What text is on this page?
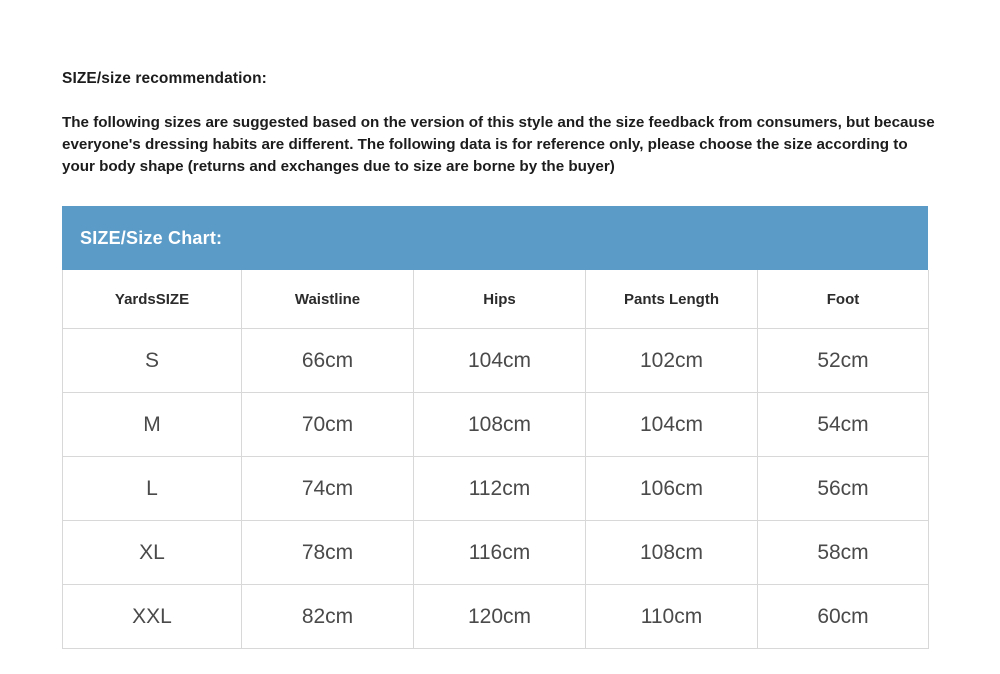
SIZE/size recommendation:
The following sizes are suggested based on the version of this style and the size feedback from consumers, but because everyone's dressing habits are different. The following data is for reference only, please choose the size according to your body shape (returns and exchanges due to size are borne by the buyer)
SIZE/Size Chart:
YardsSIZE	Waistline	Hips	Pants Length	Foot
S	66cm	104cm	102cm	52cm
M	70cm	108cm	104cm	54cm
L	74cm	112cm	106cm	56cm
XL	78cm	116cm	108cm	58cm
XXL	82cm	120cm	110cm	60cm
